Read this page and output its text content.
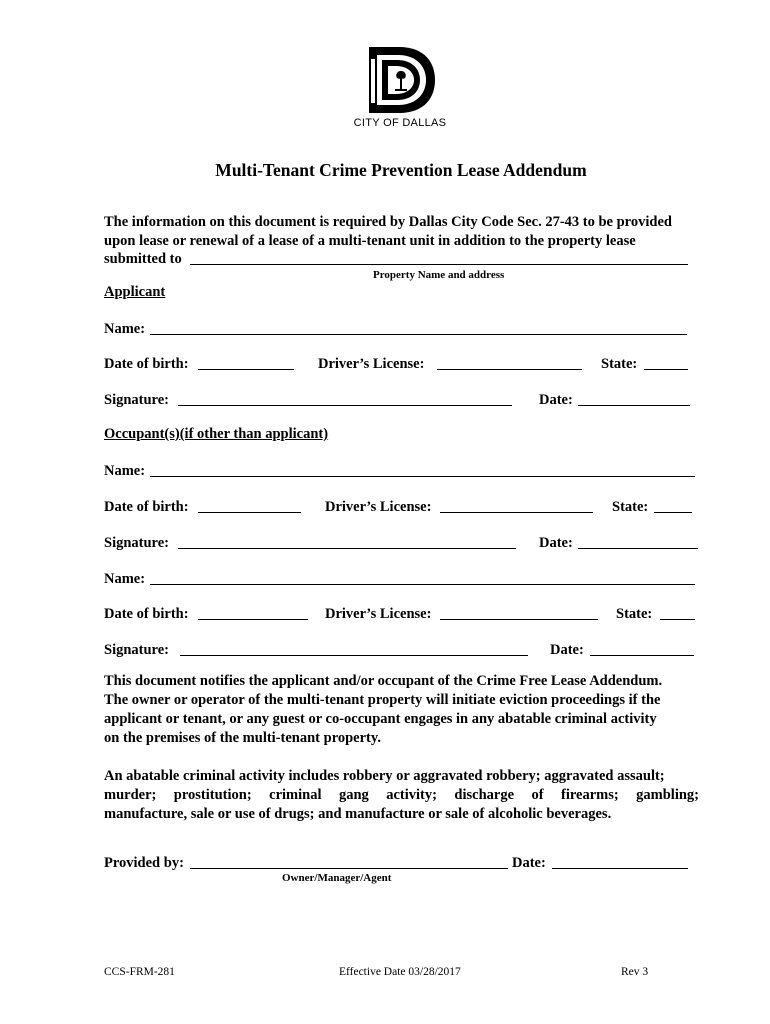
CITY OF DALLAS
Multi-Tenant Crime Prevention Lease Addendum

The information on this document is required by Dallas City Code Sec. 27-43 to be provided

upon lease or renewal of a lease of a multi-tenant unit in addition to the property lease

submitted to
Property Name and address
Applicant
Name:
Date of birth:	Driver’s License:	State:
Signature:	Date:
Occupant(s)(if other than applicant)
Name:
Date of birth:	Driver’s License:	State:
Signature:	Date:
Name:
Date of birth:	Driver’s License:	State:
Signature:	Date:

This document notifies the applicant and/or occupant of the Crime Free Lease Addendum.

The owner or operator of the multi-tenant property will initiate eviction proceedings if the

applicant or tenant, or any guest or co-occupant engages in any abatable criminal activity

on the premises of the multi-tenant property.

An abatable criminal activity includes robbery or aggravated robbery; aggravated assault;

murder; prostitution; criminal gang activity; discharge of firearms; gambling;

manufacture, sale or use of drugs; and manufacture or sale of alcoholic beverages.

Provided by:	Date:
Owner/Manager/Agent
CCS-FRM-281	Effective Date 03/28/2017	Rev 3
